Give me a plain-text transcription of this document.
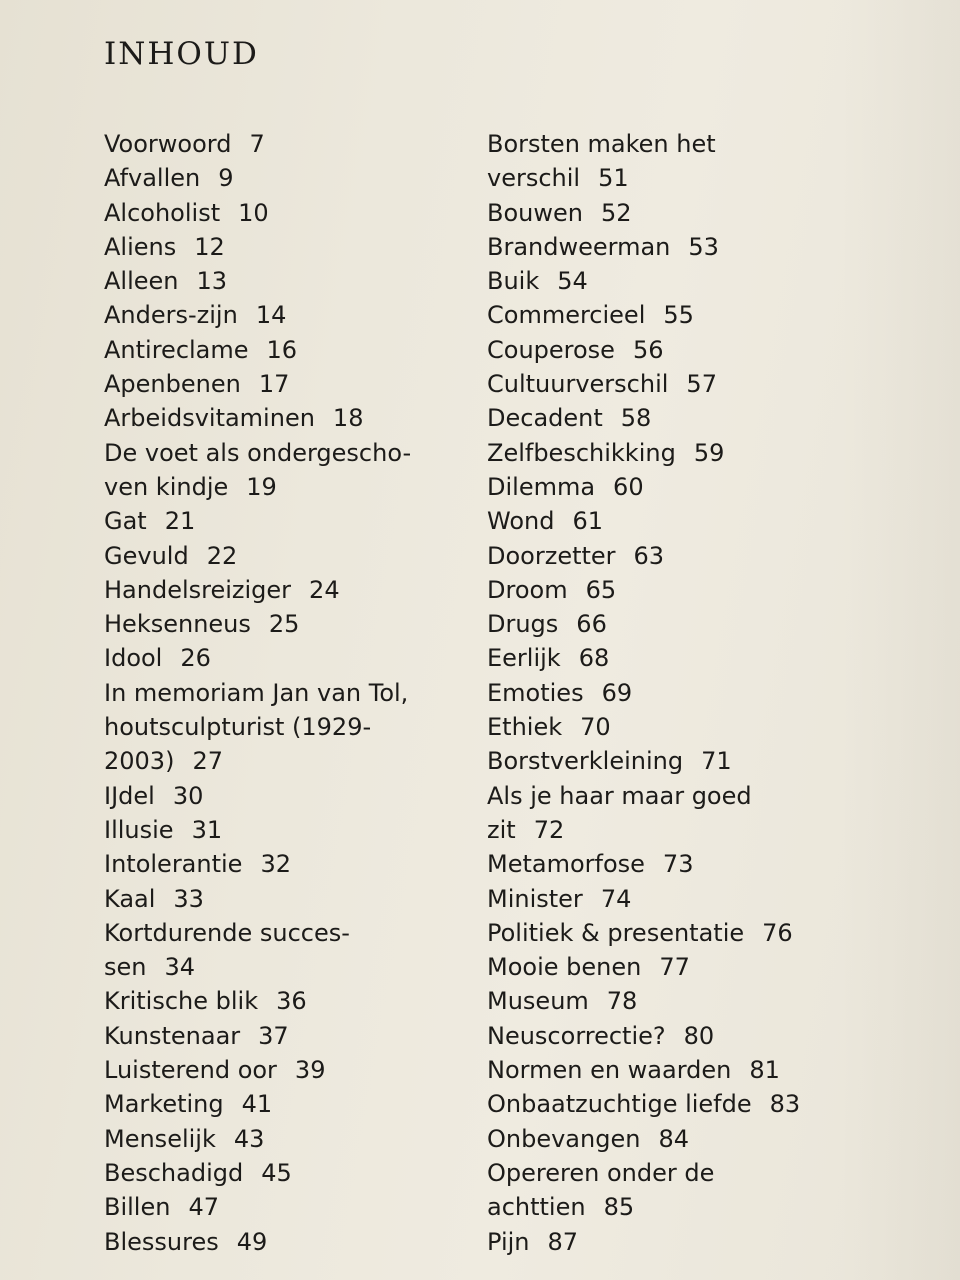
INHOUD
Voorwoord 7
Afvallen 9
Alcoholist 10
Aliens 12
Alleen 13
Anders-zijn 14
Antireclame 16
Apenbenen 17
Arbeidsvitaminen 18
De voet als ondergescho-
ven kindje 19
Gat 21
Gevuld 22
Handelsreiziger 24
Heksenneus 25
Idool 26
In memoriam Jan van Tol,
houtsculpturist (1929-
2003) 27
IJdel 30
Illusie 31
Intolerantie 32
Kaal 33
Kortdurende succes-
sen 34
Kritische blik 36
Kunstenaar 37
Luisterend oor 39
Marketing 41
Menselijk 43
Beschadigd 45
Billen 47
Blessures 49
Borsten maken het
verschil 51
Bouwen 52
Brandweerman 53
Buik 54
Commercieel 55
Couperose 56
Cultuurverschil 57
Decadent 58
Zelfbeschikking 59
Dilemma 60
Wond 61
Doorzetter 63
Droom 65
Drugs 66
Eerlijk 68
Emoties 69
Ethiek 70
Borstverkleining 71
Als je haar maar goed
zit 72
Metamorfose 73
Minister 74
Politiek & presentatie 76
Mooie benen 77
Museum 78
Neuscorrectie? 80
Normen en waarden 81
Onbaatzuchtige liefde 83
Onbevangen 84
Opereren onder de
achttien 85
Pijn 87
